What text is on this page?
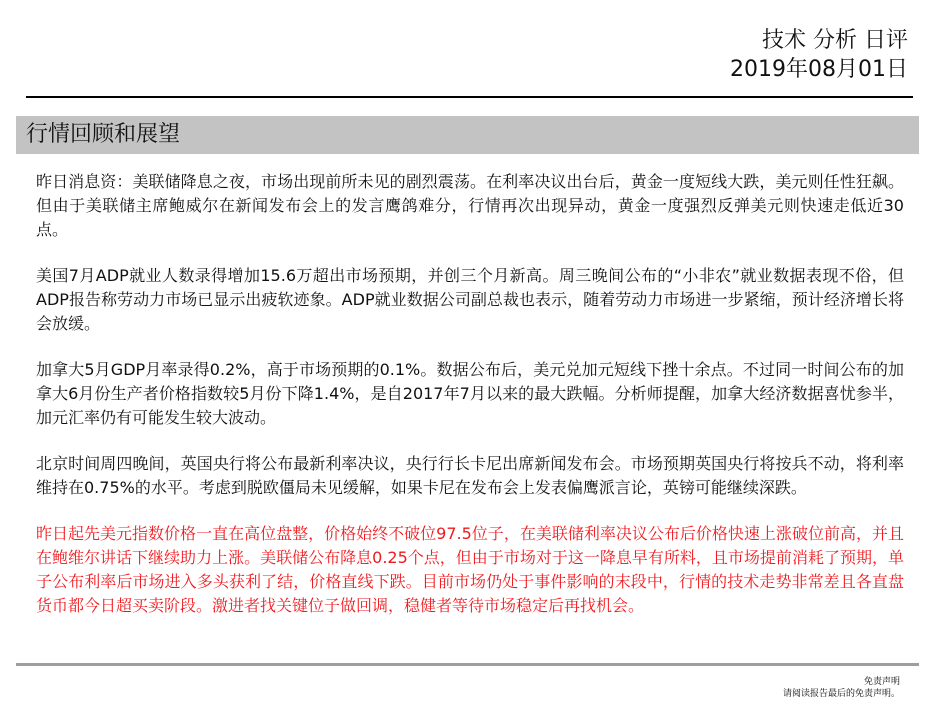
技术 分析 日评
2019年08月01日
行情回顾和展望

昨日消息资：美联储降息之夜，市场出现前所未见的剧烈震荡。在利率决议出台后，黄金一度短线大跌，美元则任性狂飙。但由于美联储主席鲍威尔在新闻发布会上的发言鹰鸽难分，行情再次出现异动，黄金一度强烈反弹美元则快速走低近30点。

美国7月ADP就业人数录得增加15.6万超出市场预期，并创三个月新高。周三晚间公布的“小非农”就业数据表现不俗，但ADP报告称劳动力市场已显示出疲软迹象。ADP就业数据公司副总裁也表示，随着劳动力市场进一步紧缩，预计经济增长将会放缓。

加拿大5月GDP月率录得0.2%，高于市场预期的0.1%。数据公布后，美元兑加元短线下挫十余点。不过同一时间公布的加拿大6月份生产者价格指数较5月份下降1.4%，是自2017年7月以来的最大跌幅。分析师提醒，加拿大经济数据喜忧参半，加元汇率仍有可能发生较大波动。

北京时间周四晚间，英国央行将公布最新利率决议，央行行长卡尼出席新闻发布会。市场预期英国央行将按兵不动，将利率维持在0.75%的水平。考虑到脱欧僵局未见缓解，如果卡尼在发布会上发表偏鹰派言论，英镑可能继续深跌。

昨日起先美元指数价格一直在高位盘整，价格始终不破位97.5位子，在美联储利率决议公布后价格快速上涨破位前高，并且在鲍维尔讲话下继续助力上涨。美联储公布降息0.25个点，但由于市场对于这一降息早有所料，且市场提前消耗了预期，单子公布利率后市场进入多头获利了结，价格直线下跌。目前市场仍处于事件影响的末段中，行情的技术走势非常差且各直盘货币都今日超买卖阶段。激进者找关键位子做回调，稳健者等待市场稳定后再找机会。

免责声明
请阅读报告最后的免责声明。
